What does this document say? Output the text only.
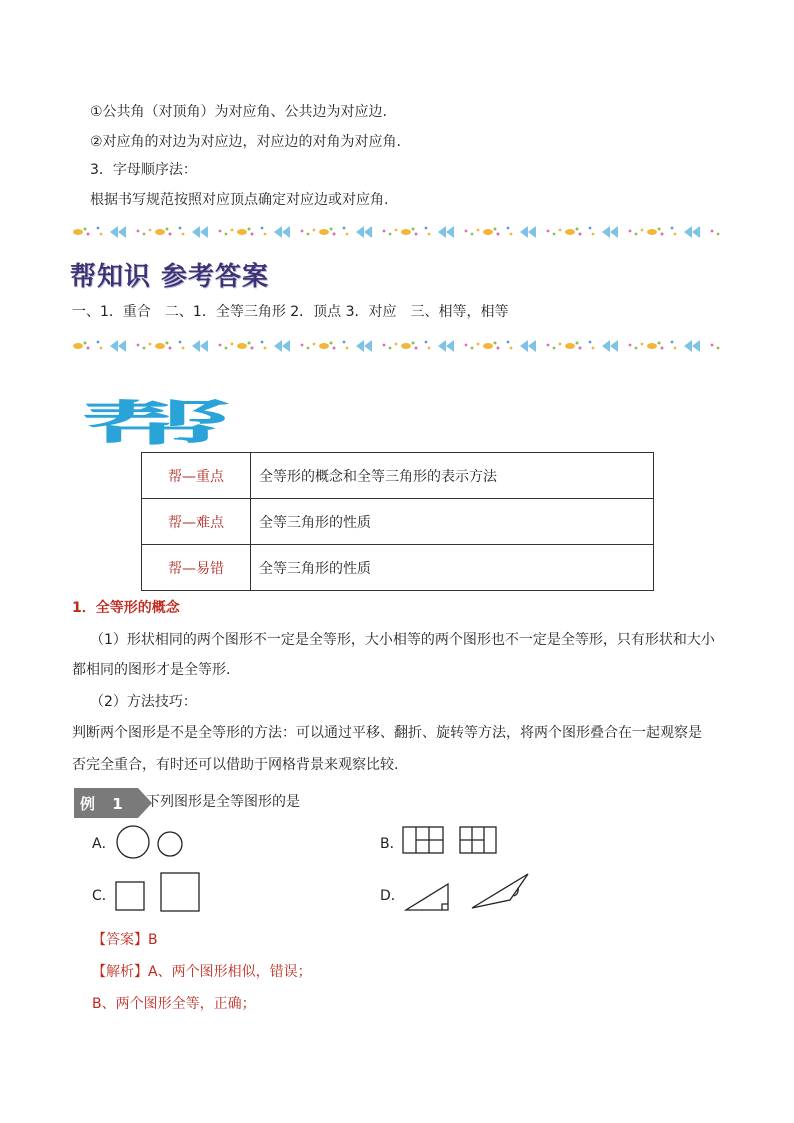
①公共角（对顶角）为对应角、公共边为对应边.
②对应角的对边为对应边，对应边的对角为对应角.
3．字母顺序法：
根据书写规范按照对应顶点确定对应边或对应角.
帮知识 参考答案
一、1．重合　二、1．全等三角形 2．顶点 3．对应　三、相等，相等
帮
帮—重点	全等形的概念和全等三角形的表示方法
帮—难点	全等三角形的性质
帮—易错	全等三角形的性质
1．全等形的概念
（1）形状相同的两个图形不一定是全等形，大小相等的两个图形也不一定是全等形，只有形状和大小
都相同的图形才是全等形.
（2）方法技巧：
判断两个图形是不是全等形的方法：可以通过平移、翻折、旋转等方法，将两个图形叠合在一起观察是
否完全重合，有时还可以借助于网格背景来观察比较.
例 1 下列图形是全等图形的是
A．	B．
C．	D．
【答案】B
【解析】A、两个图形相似，错误；
B、两个图形全等，正确；
